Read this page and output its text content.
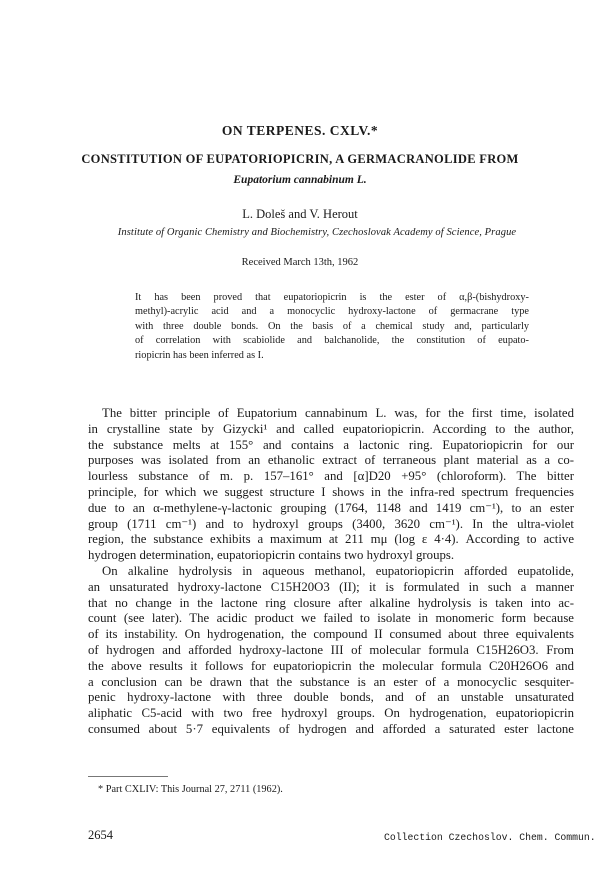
ON TERPENES. CXLV.*
CONSTITUTION OF EUPATORIOPICRIN, A GERMACRANOLIDE FROM
Eupatorium cannabinum L.
L. Doleš and V. Herout
Institute of Organic Chemistry and Biochemistry, Czechoslovak Academy of Science, Prague
Received March 13th, 1962
It has been proved that eupatoriopicrin is the ester of α,β-(bishydroxy-
methyl)-acrylic acid and a monocyclic hydroxy-lactone of germacrane type
with three double bonds. On the basis of a chemical study and, particularly
of correlation with scabiolide and balchanolide, the constitution of eupato-
riopicrin has been inferred as I.
The bitter principle of Eupatorium cannabinum L. was, for the first time, isolated
in crystalline state by Gizycki¹ and called eupatoriopicrin. According to the author,
the substance melts at 155° and contains a lactonic ring. Eupatoriopicrin for our
purposes was isolated from an ethanolic extract of terraneous plant material as a co-
lourless substance of m. p. 157–161° and [α]D20 +95° (chloroform). The bitter
principle, for which we suggest structure I shows in the infra-red spectrum frequencies
due to an α-methylene-γ-lactonic grouping (1764, 1148 and 1419 cm⁻¹), to an ester
group (1711 cm⁻¹) and to hydroxyl groups (3400, 3620 cm⁻¹). In the ultra-violet
region, the substance exhibits a maximum at 211 mμ (log ε 4·4). According to active
hydrogen determination, eupatoriopicrin contains two hydroxyl groups.
On alkaline hydrolysis in aqueous methanol, eupatoriopicrin afforded eupatolide,
an unsaturated hydroxy-lactone C15H20O3 (II); it is formulated in such a manner
that no change in the lactone ring closure after alkaline hydrolysis is taken into ac-
count (see later). The acidic product we failed to isolate in monomeric form because
of its instability. On hydrogenation, the compound II consumed about three equivalents
of hydrogen and afforded hydroxy-lactone III of molecular formula C15H26O3. From
the above results it follows for eupatoriopicrin the molecular formula C20H26O6 and
a conclusion can be drawn that the substance is an ester of a monocyclic sesquiter-
penic hydroxy-lactone with three double bonds, and of an unstable unsaturated
aliphatic C5-acid with two free hydroxyl groups. On hydrogenation, eupatoriopicrin
consumed about 5·7 equivalents of hydrogen and afforded a saturated ester lactone
* Part CXLIV: This Journal 27, 2711 (1962).
2654	Collection Czechoslov. Chem. Commun.
